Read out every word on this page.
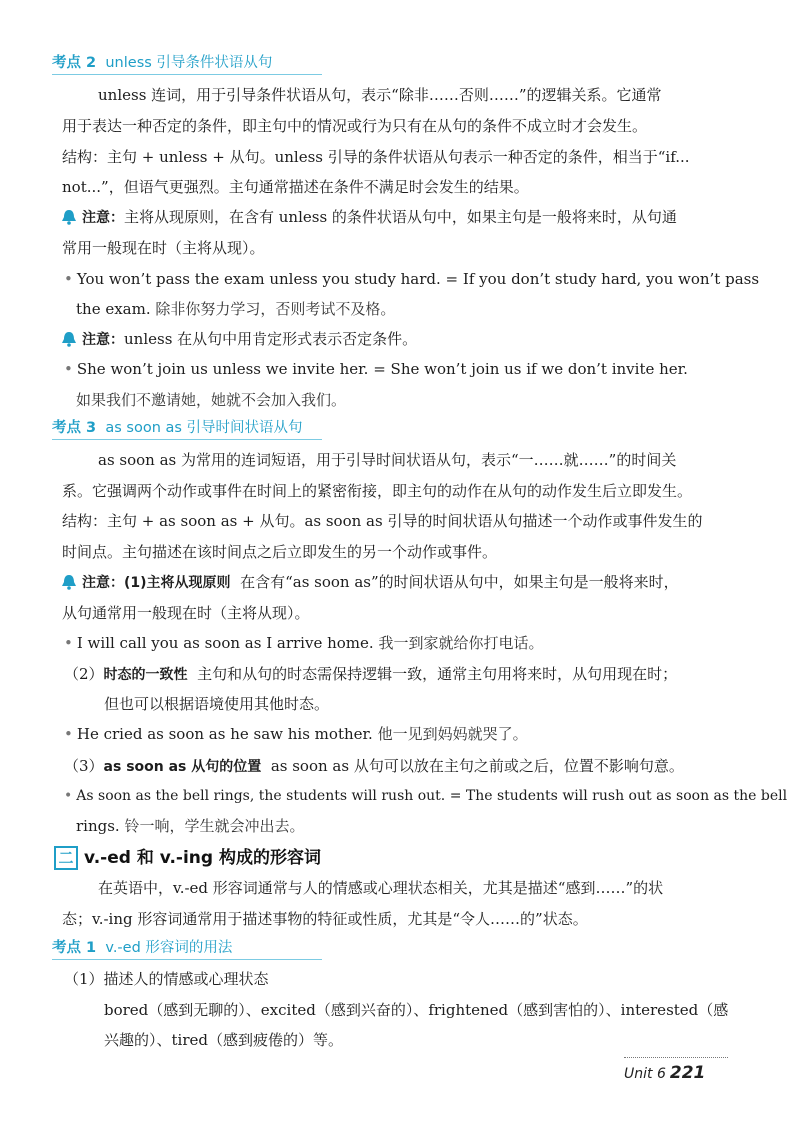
考点 2 unless 引导条件状语从句
unless 连词，用于引导条件状语从句，表示“除非……否则……”的逻辑关系。它通常
用于表达一种否定的条件，即主句中的情况或行为只有在从句的条件不成立时才会发生。
结构：主句 + unless + 从句。unless 引导的条件状语从句表示一种否定的条件，相当于“if...
not...”，但语气更强烈。主句通常描述在条件不满足时会发生的结果。
注意：主将从现原则，在含有 unless 的条件状语从句中，如果主句是一般将来时，从句通
常用一般现在时（主将从现）。
• You won’t pass the exam unless you study hard. = If you don’t study hard, you won’t pass
the exam. 除非你努力学习，否则考试不及格。
注意：unless 在从句中用肯定形式表示否定条件。
• She won’t join us unless we invite her. = She won’t join us if we don’t invite her.
如果我们不邀请她，她就不会加入我们。
考点 3 as soon as 引导时间状语从句
as soon as 为常用的连词短语，用于引导时间状语从句，表示“一……就……”的时间关
系。它强调两个动作或事件在时间上的紧密衔接，即主句的动作在从句的动作发生后立即发生。
结构：主句 + as soon as + 从句。as soon as 引导的时间状语从句描述一个动作或事件发生的
时间点。主句描述在该时间点之后立即发生的另一个动作或事件。
注意：(1)主将从现原则 在含有“as soon as”的时间状语从句中，如果主句是一般将来时，
从句通常用一般现在时（主将从现）。
• I will call you as soon as I arrive home. 我一到家就给你打电话。
（2）时态的一致性 主句和从句的时态需保持逻辑一致，通常主句用将来时，从句用现在时；
但也可以根据语境使用其他时态。
• He cried as soon as he saw his mother. 他一见到妈妈就哭了。
（3）as soon as 从句的位置 as soon as 从句可以放在主句之前或之后，位置不影响句意。
• As soon as the bell rings, the students will rush out. = The students will rush out as soon as the bell
rings. 铃一响，学生就会冲出去。
二 v.-ed 和 v.-ing 构成的形容词
在英语中，v.-ed 形容词通常与人的情感或心理状态相关，尤其是描述“感到……”的状
态；v.-ing 形容词通常用于描述事物的特征或性质，尤其是“令人……的”状态。
考点 1 v.-ed 形容词的用法
（1）描述人的情感或心理状态
bored（感到无聊的）、excited（感到兴奋的）、frightened（感到害怕的）、interested（感
兴趣的）、tired（感到疲倦的）等。
Unit 6 221
